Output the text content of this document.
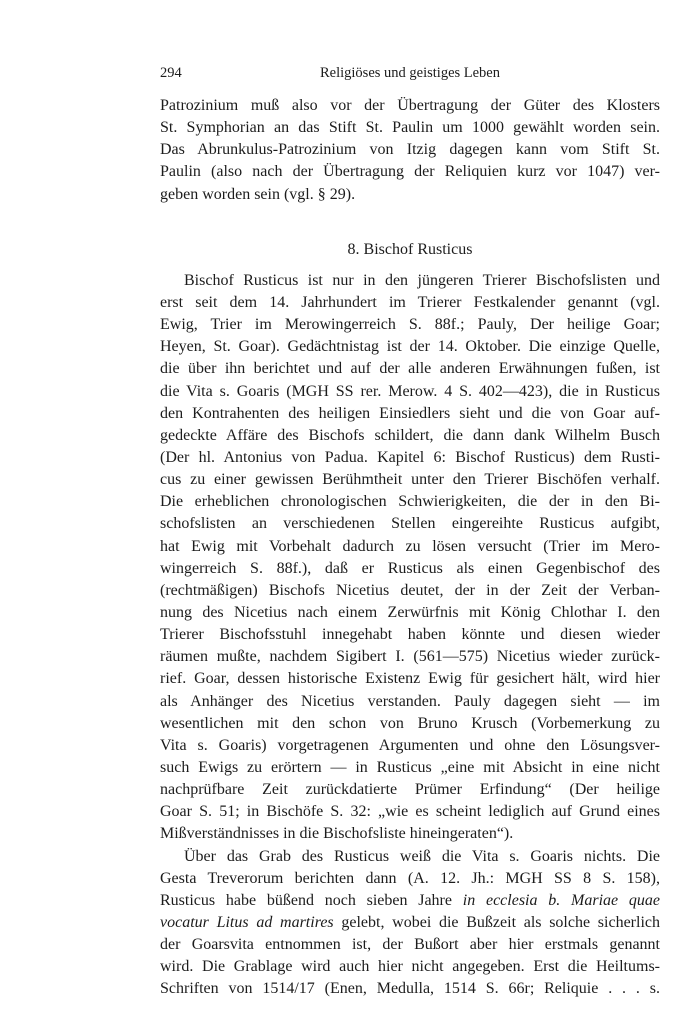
294	Religiöses und geistiges Leben
Patrozinium muß also vor der Übertragung der Güter des Klosters
St. Symphorian an das Stift St. Paulin um 1000 gewählt worden sein.
Das Abrunkulus-Patrozinium von Itzig dagegen kann vom Stift St.
Paulin (also nach der Übertragung der Reliquien kurz vor 1047) ver-
geben worden sein (vgl. § 29).
8. Bischof Rusticus
Bischof Rusticus ist nur in den jüngeren Trierer Bischofslisten und
erst seit dem 14. Jahrhundert im Trierer Festkalender genannt (vgl.
Ewig, Trier im Merowingerreich S. 88f.; Pauly, Der heilige Goar;
Heyen, St. Goar). Gedächtnistag ist der 14. Oktober. Die einzige Quelle,
die über ihn berichtet und auf der alle anderen Erwähnungen fußen, ist
die Vita s. Goaris (MGH SS rer. Merow. 4 S. 402—423), die in Rusticus
den Kontrahenten des heiligen Einsiedlers sieht und die von Goar auf-
gedeckte Affäre des Bischofs schildert, die dann dank Wilhelm Busch
(Der hl. Antonius von Padua. Kapitel 6: Bischof Rusticus) dem Rusti-
cus zu einer gewissen Berühmtheit unter den Trierer Bischöfen verhalf.
Die erheblichen chronologischen Schwierigkeiten, die der in den Bi-
schofslisten an verschiedenen Stellen eingereihte Rusticus aufgibt,
hat Ewig mit Vorbehalt dadurch zu lösen versucht (Trier im Mero-
wingerreich S. 88f.), daß er Rusticus als einen Gegenbischof des
(rechtmäßigen) Bischofs Nicetius deutet, der in der Zeit der Verban-
nung des Nicetius nach einem Zerwürfnis mit König Chlothar I. den
Trierer Bischofsstuhl innegehabt haben könnte und diesen wieder
räumen mußte, nachdem Sigibert I. (561—575) Nicetius wieder zurück-
rief. Goar, dessen historische Existenz Ewig für gesichert hält, wird hier
als Anhänger des Nicetius verstanden. Pauly dagegen sieht — im
wesentlichen mit den schon von Bruno Krusch (Vorbemerkung zu
Vita s. Goaris) vorgetragenen Argumenten und ohne den Lösungsver-
such Ewigs zu erörtern — in Rusticus „eine mit Absicht in eine nicht
nachprüfbare Zeit zurückdatierte Prümer Erfindung“ (Der heilige
Goar S. 51; in Bischöfe S. 32: „wie es scheint lediglich auf Grund eines
Mißverständnisses in die Bischofsliste hineingeraten“).
Über das Grab des Rusticus weiß die Vita s. Goaris nichts. Die
Gesta Treverorum berichten dann (A. 12. Jh.: MGH SS 8 S. 158),
Rusticus habe büßend noch sieben Jahre in ecclesia b. Mariae quae
vocatur Litus ad martires gelebt, wobei die Bußzeit als solche sicherlich
der Goarsvita entnommen ist, der Bußort aber hier erstmals genannt
wird. Die Grablage wird auch hier nicht angegeben. Erst die Heiltums-
Schriften von 1514/17 (Enen, Medulla, 1514 S. 66r; Reliquie . . . s.
